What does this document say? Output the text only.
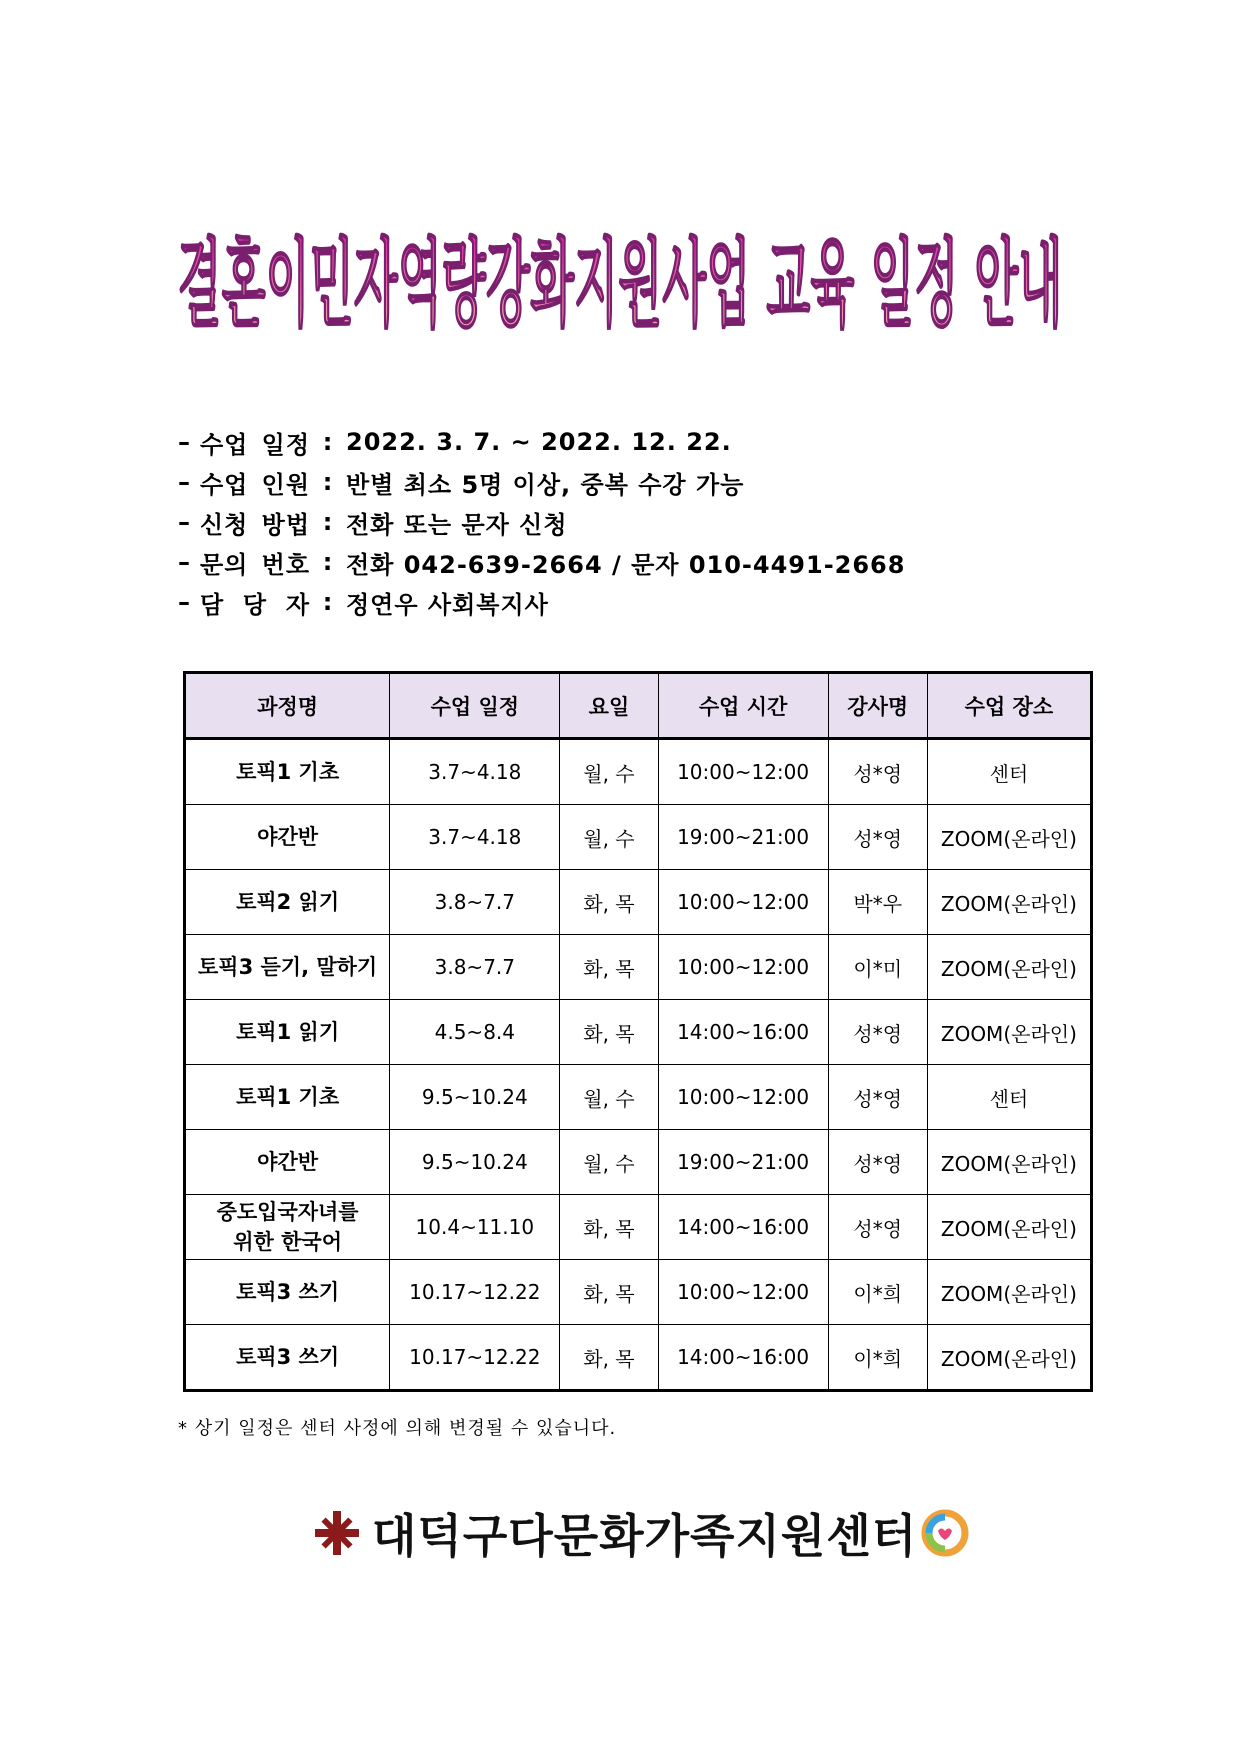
결혼이민자역량강화지원사업 교육 일정 안내
– 수업 일정 : 2022. 3. 7. ~ 2022. 12. 22.
– 수업 인원 : 반별 최소 5명 이상, 중복 수강 가능
– 신청 방법 : 전화 또는 문자 신청
– 문의 번호 : 전화 042-639-2664 / 문자 010-4491-2668
– 담 당 자 : 정연우 사회복지사
과정명	수업 일정	요일	수업 시간	강사명	수업 장소
토픽1 기초	3.7~4.18	월, 수	10:00~12:00	성*영	센터
야간반	3.7~4.18	월, 수	19:00~21:00	성*영	ZOOM(온라인)
토픽2 읽기	3.8~7.7	화, 목	10:00~12:00	박*우	ZOOM(온라인)
토픽3 듣기, 말하기	3.8~7.7	화, 목	10:00~12:00	이*미	ZOOM(온라인)
토픽1 읽기	4.5~8.4	화, 목	14:00~16:00	성*영	ZOOM(온라인)
토픽1 기초	9.5~10.24	월, 수	10:00~12:00	성*영	센터
야간반	9.5~10.24	월, 수	19:00~21:00	성*영	ZOOM(온라인)
중도입국자녀를
위한 한국어	10.4~11.10	화, 목	14:00~16:00	성*영	ZOOM(온라인)
토픽3 쓰기	10.17~12.22	화, 목	10:00~12:00	이*희	ZOOM(온라인)
토픽3 쓰기	10.17~12.22	화, 목	14:00~16:00	이*희	ZOOM(온라인)
* 상기 일정은 센터 사정에 의해 변경될 수 있습니다.
대덕구다문화가족지원센터
